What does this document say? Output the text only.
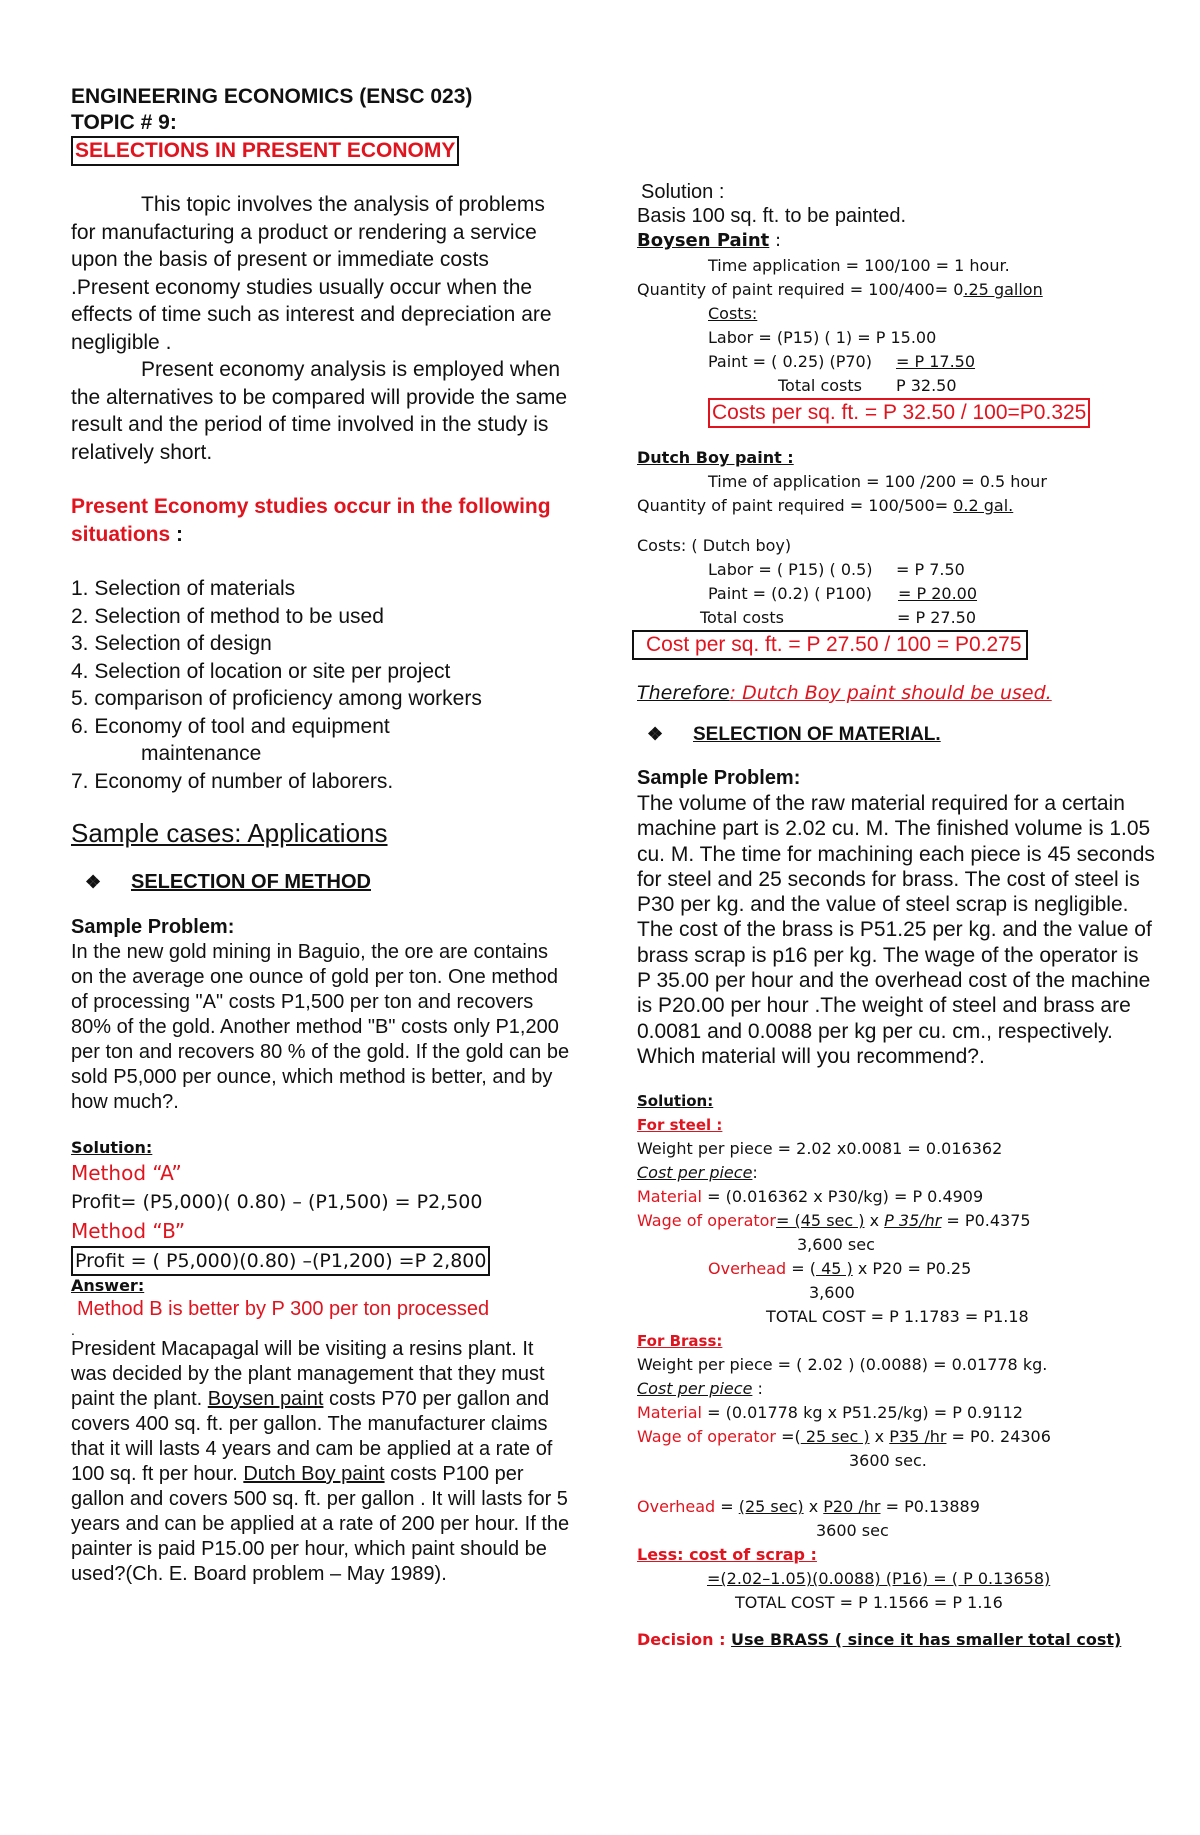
ENGINEERING ECONOMICS (ENSC 023)
TOPIC # 9:
SELECTIONS IN PRESENT ECONOMY

This topic involves the analysis of problems for manufacturing a product or rendering a service upon the basis of present or immediate costs .Present economy studies usually occur when the effects of time such as interest and depreciation are negligible .

Present economy analysis is employed when the alternatives to be compared will provide the same result and the period of time involved in the study is relatively short.

Present Economy studies occur in the following situations :

1. Selection of materials
2. Selection of method to be used
3. Selection of design
4. Selection of location or site per project
5. comparison of proficiency among workers
6. Economy of tool and equipment
maintenance
7. Economy of number of laborers.
Sample cases: Applications
❖ SELECTION OF METHOD
Sample Problem:

In the new gold mining in Baguio, the ore are contains on the average one ounce of gold per ton. One method of processing "A" costs P1,500 per ton and recovers 80% of the gold. Another method "B" costs only P1,200 per ton and recovers 80 % of the gold. If the gold can be sold P5,000 per ounce, which method is better, and by how much?.

Solution:
Method “A”
Profit= (P5,000)( 0.80) – (P1,500) = P2,500
Method “B”
Profit = ( P5,000)(0.80) –(P1,200) =P 2,800
Answer:
Method B is better by P 300 per ton processed
.

President Macapagal will be visiting a resins plant. It was decided by the plant management that they must paint the plant. Boysen paint costs P70 per gallon and covers 400 sq. ft. per gallon. The manufacturer claims that it will lasts 4 years and cam be applied at a rate of 100 sq. ft per hour. Dutch Boy paint costs P100 per gallon and covers 500 sq. ft. per gallon . It will lasts for 5 years and can be applied at a rate of 200 per hour. If the painter is paid P15.00 per hour, which paint should be used?(Ch. E. Board problem – May 1989).

Solution :
Basis 100 sq. ft. to be painted.
Boysen Paint :
Time application = 100/100 = 1 hour.
Quantity of paint required = 100/400= 0.25 gallon
Costs:
Labor = (P15) ( 1) = P 15.00
Paint = ( 0.25) (P70) = P 17.50
Total costs P 32.50
Costs per sq. ft. = P 32.50 / 100=P0.325
Dutch Boy paint :
Time of application = 100 /200 = 0.5 hour
Quantity of paint required = 100/500= 0.2 gal.
Costs: ( Dutch boy)
Labor = ( P15) ( 0.5) = P 7.50
Paint = (0.2) ( P100) = P 20.00
Total costs	= P 27.50
Cost per sq. ft. = P 27.50 / 100 = P0.275
Therefore: Dutch Boy paint should be used.
❖ SELECTION OF MATERIAL.
Sample Problem:

The volume of the raw material required for a certain machine part is 2.02 cu. M. The finished volume is 1.05 cu. M. The time for machining each piece is 45 seconds for steel and 25 seconds for brass. The cost of steel is P30 per kg. and the value of steel scrap is negligible. The cost of the brass is P51.25 per kg. and the value of brass scrap is p16 per kg. The wage of the operator is P 35.00 per hour and the overhead cost of the machine is P20.00 per hour .The weight of steel and brass are 0.0081 and 0.0088 per kg per cu. cm., respectively. Which material will you recommend?.

Solution:
For steel :
Weight per piece = 2.02 x0.0081 = 0.016362
Cost per piece:
Material = (0.016362 x P30/kg) = P 0.4909
Wage of operator= (45 sec ) x P 35/hr = P0.4375
3,600 sec
Overhead = ( 45 ) x P20 = P0.25
3,600
TOTAL COST = P 1.1783 = P1.18
For Brass:
Weight per piece = ( 2.02 ) (0.0088) = 0.01778 kg.
Cost per piece :
Material = (0.01778 kg x P51.25/kg) = P 0.9112
Wage of operator =( 25 sec ) x P35 /hr = P0. 24306
3600 sec.
Overhead = (25 sec) x P20 /hr = P0.13889
3600 sec
Less: cost of scrap :
=(2.02–1.05)(0.0088) (P16) = ( P 0.13658)
TOTAL COST = P 1.1566 = P 1.16
Decision : Use BRASS ( since it has smaller total cost)
